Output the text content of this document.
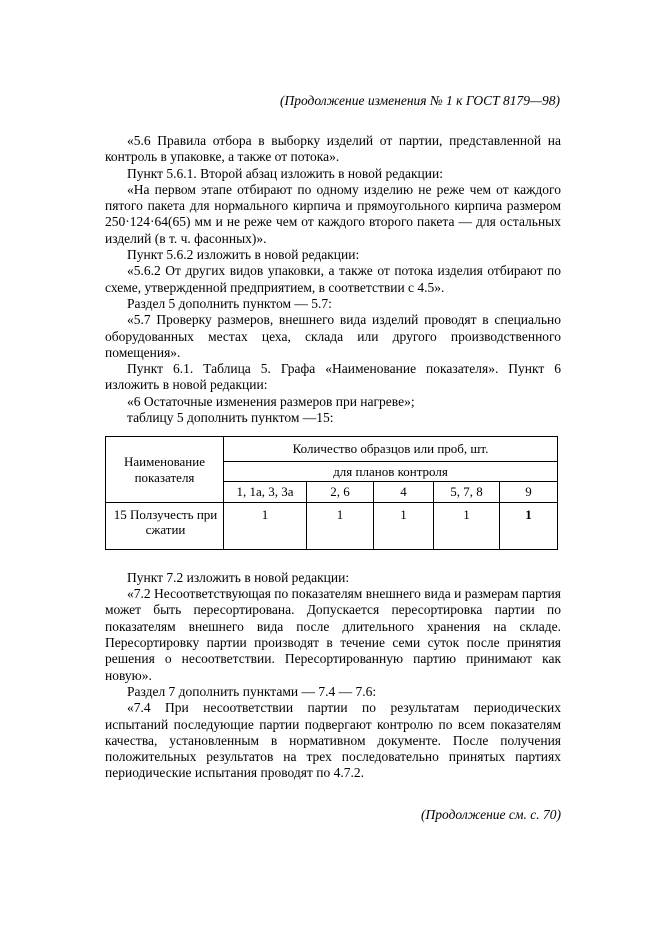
(Продолжение изменения № 1 к ГОСТ 8179—98)

«5.6 Правила отбора в выборку изделий от партии, представленной на контроль в упаковке, а также от потока».

Пункт 5.6.1. Второй абзац изложить в новой редакции:

«На первом этапе отбирают по одному изделию не реже чем от каждого пятого пакета для нормального кирпича и прямоугольного кирпича размером 250·124·64(65) мм и не реже чем от каждого второго пакета — для остальных изделий (в т. ч. фасонных)».

Пункт 5.6.2 изложить в новой редакции:

«5.6.2 От других видов упаковки, а также от потока изделия отбирают по схеме, утвержденной предприятием, в соответствии с 4.5».

Раздел 5 дополнить пунктом — 5.7:

«5.7 Проверку размеров, внешнего вида изделий проводят в специально оборудованных местах цеха, склада или другого производственного помещения».

Пункт 6.1. Таблица 5. Графа «Наименование показателя». Пункт 6 изложить в новой редакции:

«6 Остаточные изменения размеров при нагреве»;

таблицу 5 дополнить пунктом —15:

Наименование показателя	Количество образцов или проб, шт.				
	для планов контроля				
	1, 1а, 3, 3а	2, 6	4	5, 7, 8	9
15 Ползучесть при сжатии	1	1	1	1	1

Пункт 7.2 изложить в новой редакции:

«7.2 Несоответствующая по показателям внешнего вида и размерам партия может быть пересортирована. Допускается пересортировка партии по показателям внешнего вида после длительного хранения на складе. Пересортировку партии производят в течение семи суток после принятия решения о несоответствии. Пересортированную партию принимают как новую».

Раздел 7 дополнить пунктами — 7.4 — 7.6:

«7.4 При несоответствии партии по результатам периодических испытаний последующие партии подвергают контролю по всем показателям качества, установленным в нормативном документе. После получения положительных результатов на трех последовательно принятых партиях периодические испытания проводят по 4.7.2.

(Продолжение см. с. 70)
